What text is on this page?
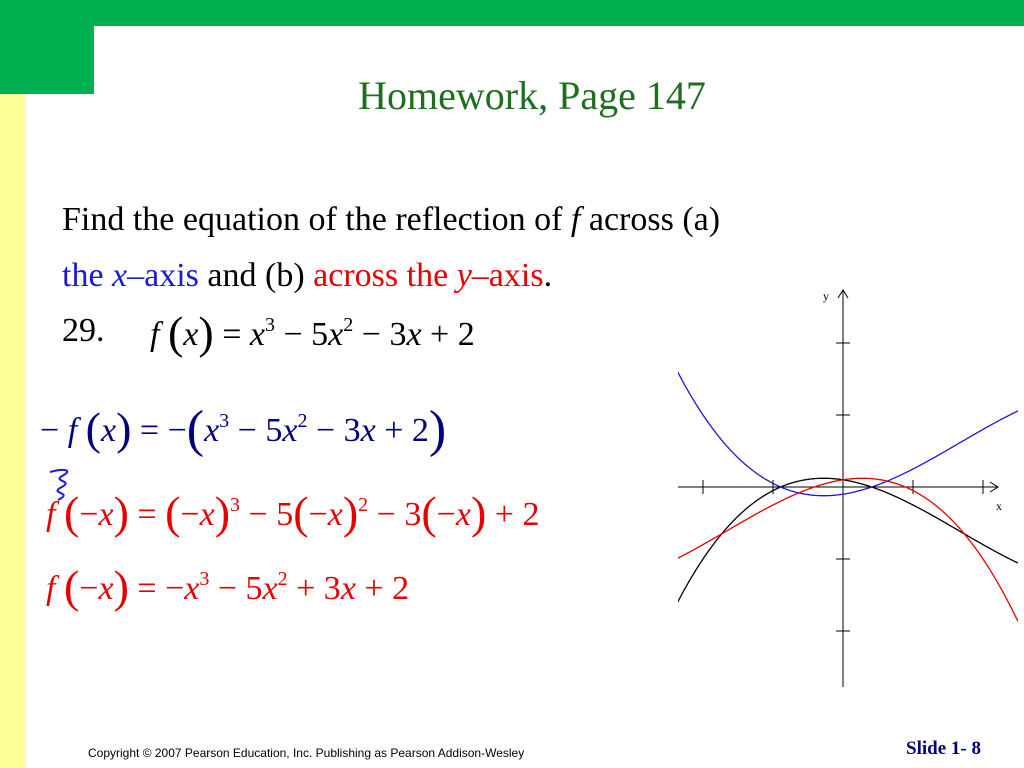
Homework, Page 147
Find the equation of the reflection of f across (a)
the x–axis and (b) across the y–axis.
29. f $(x) = x^3 - 5x^2 - 3x + 2$
− f $(x) = -(x^3 - 5x^2 - 3x + 2)$
f $(-x) = (-x)^3 - 5(-x)^2 - 3(-x) + 2$
f $(-x) = -x^3 - 5x^2 + 3x + 2$
y
x
Copyright © 2007 Pearson Education, Inc. Publishing as Pearson Addison-Wesley	Slide 1- 8
